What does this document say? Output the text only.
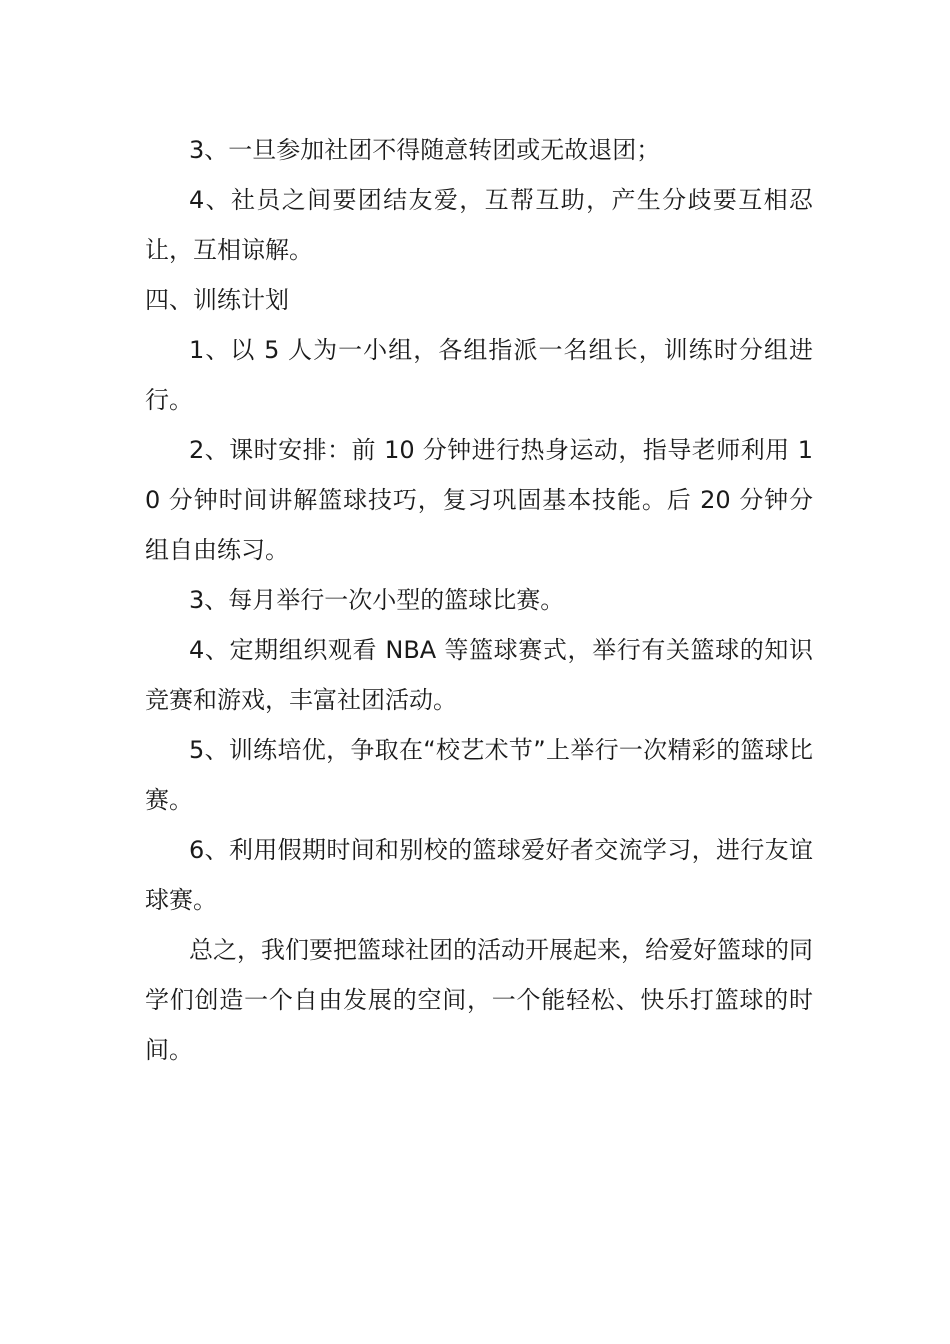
3、一旦参加社团不得随意转团或无故退团；

4、社员之间要团结友爱，互帮互助，产生分歧要互相忍让，互相谅解。

四、训练计划

1、以 5 人为一小组，各组指派一名组长，训练时分组进行。

2、课时安排：前 10 分钟进行热身运动，指导老师利用 10 分钟时间讲解篮球技巧，复习巩固基本技能。后 20 分钟分组自由练习。

3、每月举行一次小型的篮球比赛。

4、定期组织观看 NBA 等篮球赛式，举行有关篮球的知识竞赛和游戏，丰富社团活动。

5、训练培优，争取在“校艺术节”上举行一次精彩的篮球比赛。

6、利用假期时间和别校的篮球爱好者交流学习，进行友谊球赛。

总之，我们要把篮球社团的活动开展起来，给爱好篮球的同学们创造一个自由发展的空间，一个能轻松、快乐打篮球的时间。
